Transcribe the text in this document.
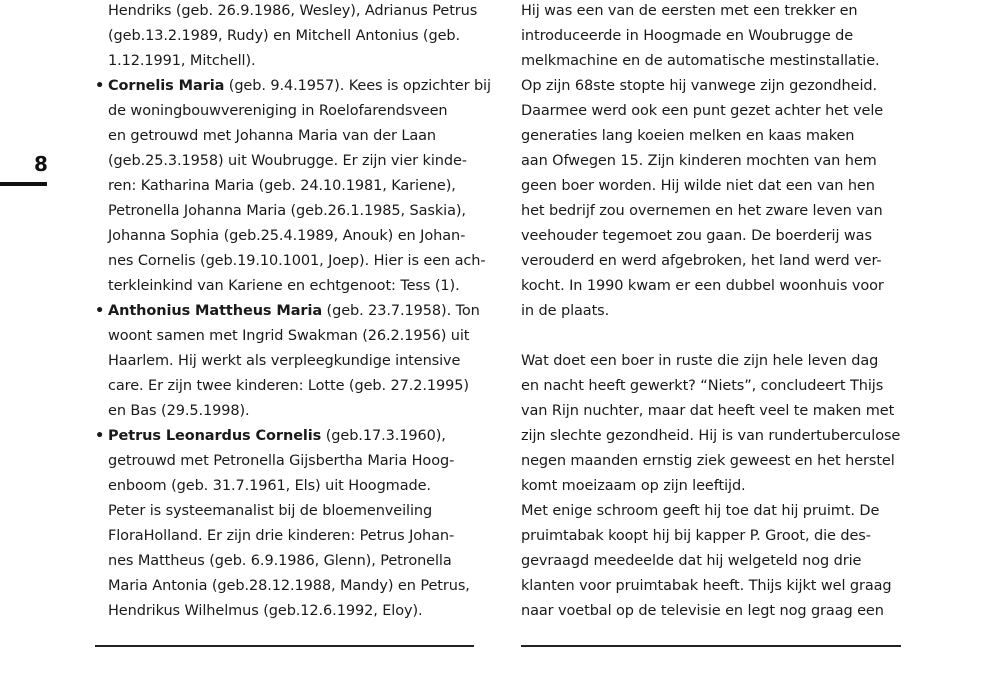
8
Hendriks (geb. 26.9.1986, Wesley), Adrianus Petrus
(geb.13.2.1989, Rudy) en Mitchell Antonius (geb.
1.12.1991, Mitchell).
• Cornelis Maria (geb. 9.4.1957). Kees is opzichter bij
de woningbouwvereniging in Roelofarendsveen
en getrouwd met Johanna Maria van der Laan
(geb.25.3.1958) uit Woubrugge. Er zijn vier kinde-
ren: Katharina Maria (geb. 24.10.1981, Kariene),
Petronella Johanna Maria (geb.26.1.1985, Saskia),
Johanna Sophia (geb.25.4.1989, Anouk) en Johan-
nes Cornelis (geb.19.10.1001, Joep). Hier is een ach-
terkleinkind van Kariene en echtgenoot: Tess (1).
• Anthonius Mattheus Maria (geb. 23.7.1958). Ton
woont samen met Ingrid Swakman (26.2.1956) uit
Haarlem. Hij werkt als verpleegkundige intensive
care. Er zijn twee kinderen: Lotte (geb. 27.2.1995)
en Bas (29.5.1998).
• Petrus Leonardus Cornelis (geb.17.3.1960),
getrouwd met Petronella Gijsbertha Maria Hoog-
enboom (geb. 31.7.1961, Els) uit Hoogmade.
Peter is systeemanalist bij de bloemenveiling
FloraHolland. Er zijn drie kinderen: Petrus Johan-
nes Mattheus (geb. 6.9.1986, Glenn), Petronella
Maria Antonia (geb.28.12.1988, Mandy) en Petrus,
Hendrikus Wilhelmus (geb.12.6.1992, Eloy).
Hij was een van de eersten met een trekker en
introduceerde in Hoogmade en Woubrugge de
melkmachine en de automatische mestinstallatie.
Op zijn 68ste stopte hij vanwege zijn gezondheid.
Daarmee werd ook een punt gezet achter het vele
generaties lang koeien melken en kaas maken
aan Ofwegen 15. Zijn kinderen mochten van hem
geen boer worden. Hij wilde niet dat een van hen
het bedrijf zou overnemen en het zware leven van
veehouder tegemoet zou gaan. De boerderij was
verouderd en werd afgebroken, het land werd ver-
kocht. In 1990 kwam er een dubbel woonhuis voor
in de plaats.
Wat doet een boer in ruste die zijn hele leven dag
en nacht heeft gewerkt? “Niets”, concludeert Thijs
van Rijn nuchter, maar dat heeft veel te maken met
zijn slechte gezondheid. Hij is van rundertuberculose
negen maanden ernstig ziek geweest en het herstel
komt moeizaam op zijn leeftijd.
Met enige schroom geeft hij toe dat hij pruimt. De
pruimtabak koopt hij bij kapper P. Groot, die des-
gevraagd meedeelde dat hij welgeteld nog drie
klanten voor pruimtabak heeft. Thijs kijkt wel graag
naar voetbal op de televisie en legt nog graag een
